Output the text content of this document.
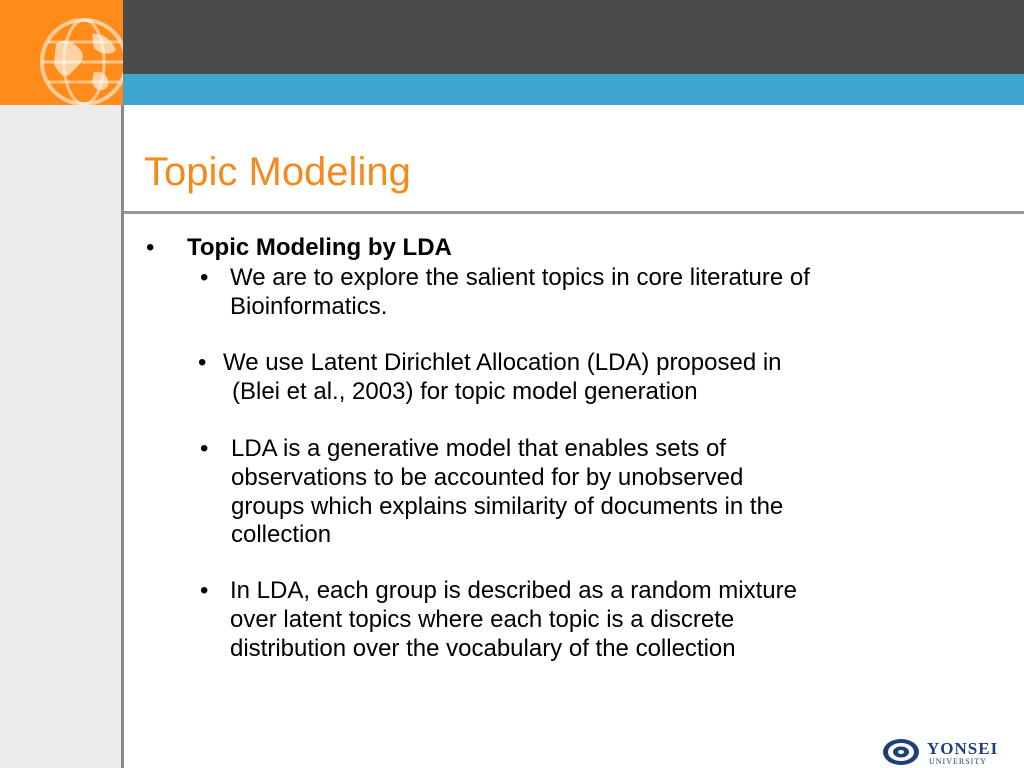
Topic Modeling
• Topic Modeling by LDA
• We are to explore the salient topics in core literature of
Bioinformatics.
• We use Latent Dirichlet Allocation (LDA) proposed in
(Blei et al., 2003) for topic model generation
• LDA is a generative model that enables sets of
observations to be accounted for by unobserved
groups which explains similarity of documents in the
collection
• In LDA, each group is described as a random mixture
over latent topics where each topic is a discrete
distribution over the vocabulary of the collection
YONSEI
UNIVERSITY
